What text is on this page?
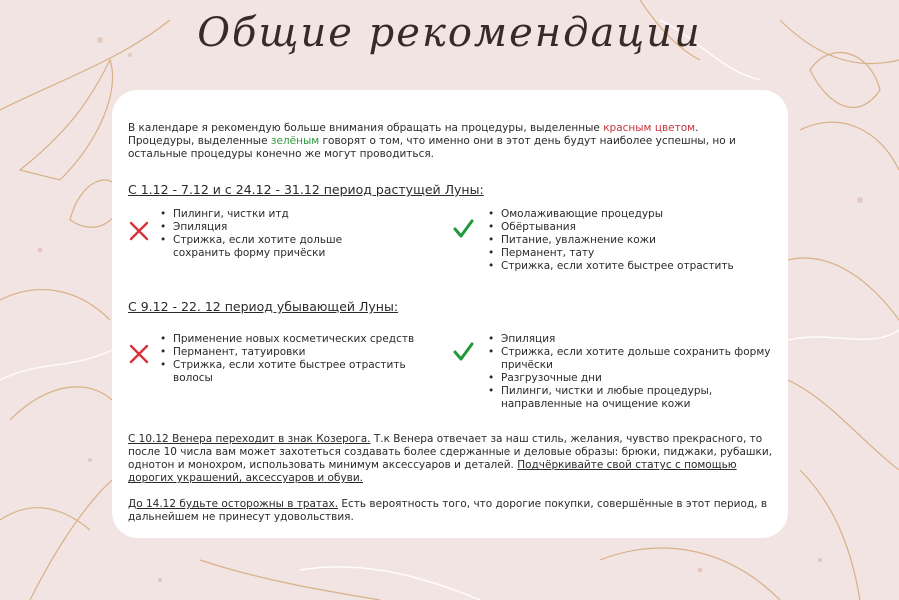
Общие рекомендации
В календаре я рекомендую больше внимания обращать на процедуры, выделенные красным цветом. Процедуры, выделенные зелёным говорят о том, что именно они в этот день будут наиболее успешны, но и остальные процедуры конечно же могут проводиться.
С 1.12 - 7.12 и с 24.12 - 31.12 период растущей Луны:
• Пилинги, чистки итд
• Эпиляция
• Стрижка, если хотите дольше сохранить форму причёски
• Омолаживающие процедуры
• Обёртывания
• Питание, увлажнение кожи
• Перманент, тату
• Стрижка, если хотите быстрее отрастить
С 9.12 - 22. 12 период убывающей Луны:
• Применение новых косметических средств
• Перманент, татуировки
• Стрижка, если хотите быстрее отрастить волосы
• Эпиляция
• Стрижка, если хотите дольше сохранить форму причёски
• Разгрузочные дни
• Пилинги, чистки и любые процедуры, направленные на очищение кожи
С 10.12 Венера переходит в знак Козерога. Т.к Венера отвечает за наш стиль, желания, чувство прекрасного, то после 10 числа вам может захотеться создавать более сдержанные и деловые образы: брюки, пиджаки, рубашки, однотон и монохром, использовать минимум аксессуаров и деталей. Подчёркивайте свой статус с помощью дорогих украшений, аксессуаров и обуви.
До 14.12 будьте осторожны в тратах. Есть вероятность того, что дорогие покупки, совершённые в этот период, в дальнейшем не принесут удовольствия.
